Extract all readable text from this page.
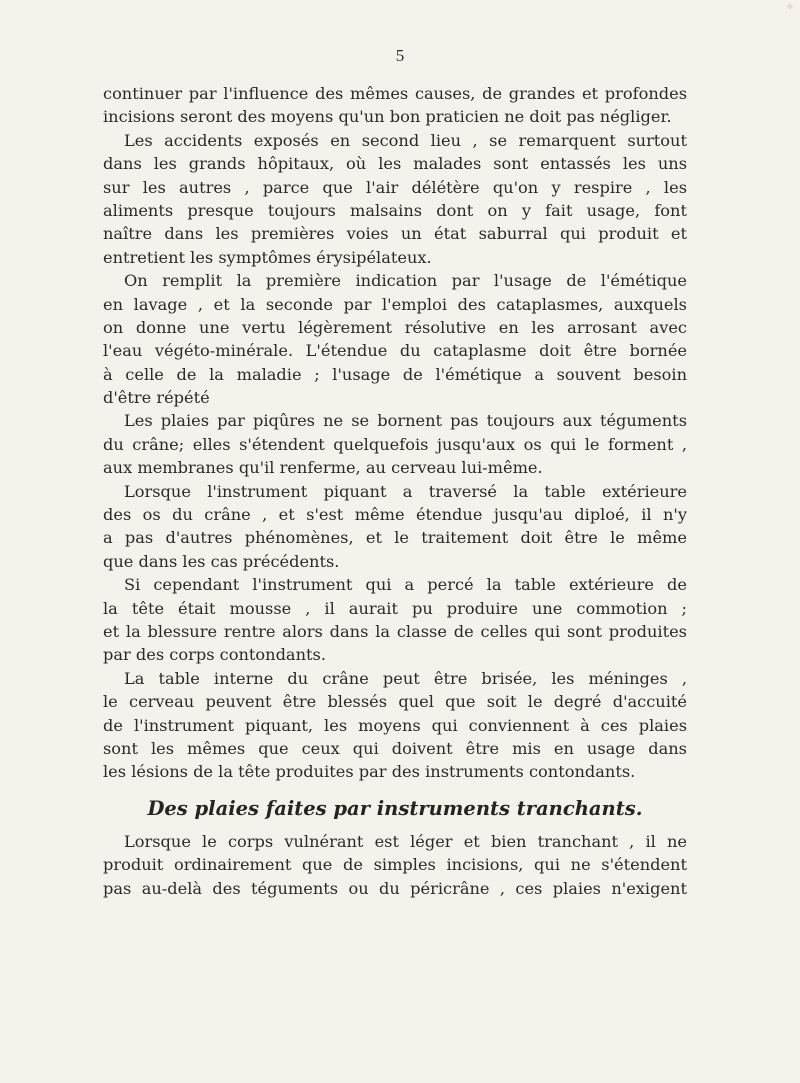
✧
5
continuer par l'influence des mêmes causes, de grandes et profondes
incisions seront des moyens qu'un bon praticien ne doit pas négliger.
Les accidents exposés en second lieu , se remarquent surtout
dans les grands hôpitaux, où les malades sont entassés les uns
sur les autres , parce que l'air délétère qu'on y respire , les
aliments presque toujours malsains dont on y fait usage, font
naître dans les premières voies un état saburral qui produit et
entretient les symptômes érysipélateux.
On remplit la première indication par l'usage de l'émétique
en lavage , et la seconde par l'emploi des cataplasmes, auxquels
on donne une vertu légèrement résolutive en les arrosant avec
l'eau végéto-minérale. L'étendue du cataplasme doit être bornée
à celle de la maladie ; l'usage de l'émétique a souvent besoin
d'être répété
Les plaies par piqûres ne se bornent pas toujours aux téguments
du crâne; elles s'étendent quelquefois jusqu'aux os qui le forment ,
aux membranes qu'il renferme, au cerveau lui-même.
Lorsque l'instrument piquant a traversé la table extérieure
des os du crâne , et s'est même étendue jusqu'au diploé, il n'y
a pas d'autres phénomènes, et le traitement doit être le même
que dans les cas précédents.
Si cependant l'instrument qui a percé la table extérieure de
la tête était mousse , il aurait pu produire une commotion ;
et la blessure rentre alors dans la classe de celles qui sont produites
par des corps contondants.
La table interne du crâne peut être brisée, les méninges ,
le cerveau peuvent être blessés quel que soit le degré d'accuité
de l'instrument piquant, les moyens qui conviennent à ces plaies
sont les mêmes que ceux qui doivent être mis en usage dans
les lésions de la tête produites par des instruments contondants.
Des plaies faites par instruments tranchants.
Lorsque le corps vulnérant est léger et bien tranchant , il ne
produit ordinairement que de simples incisions, qui ne s'étendent
pas au-delà des téguments ou du péricrâne , ces plaies n'exigent
